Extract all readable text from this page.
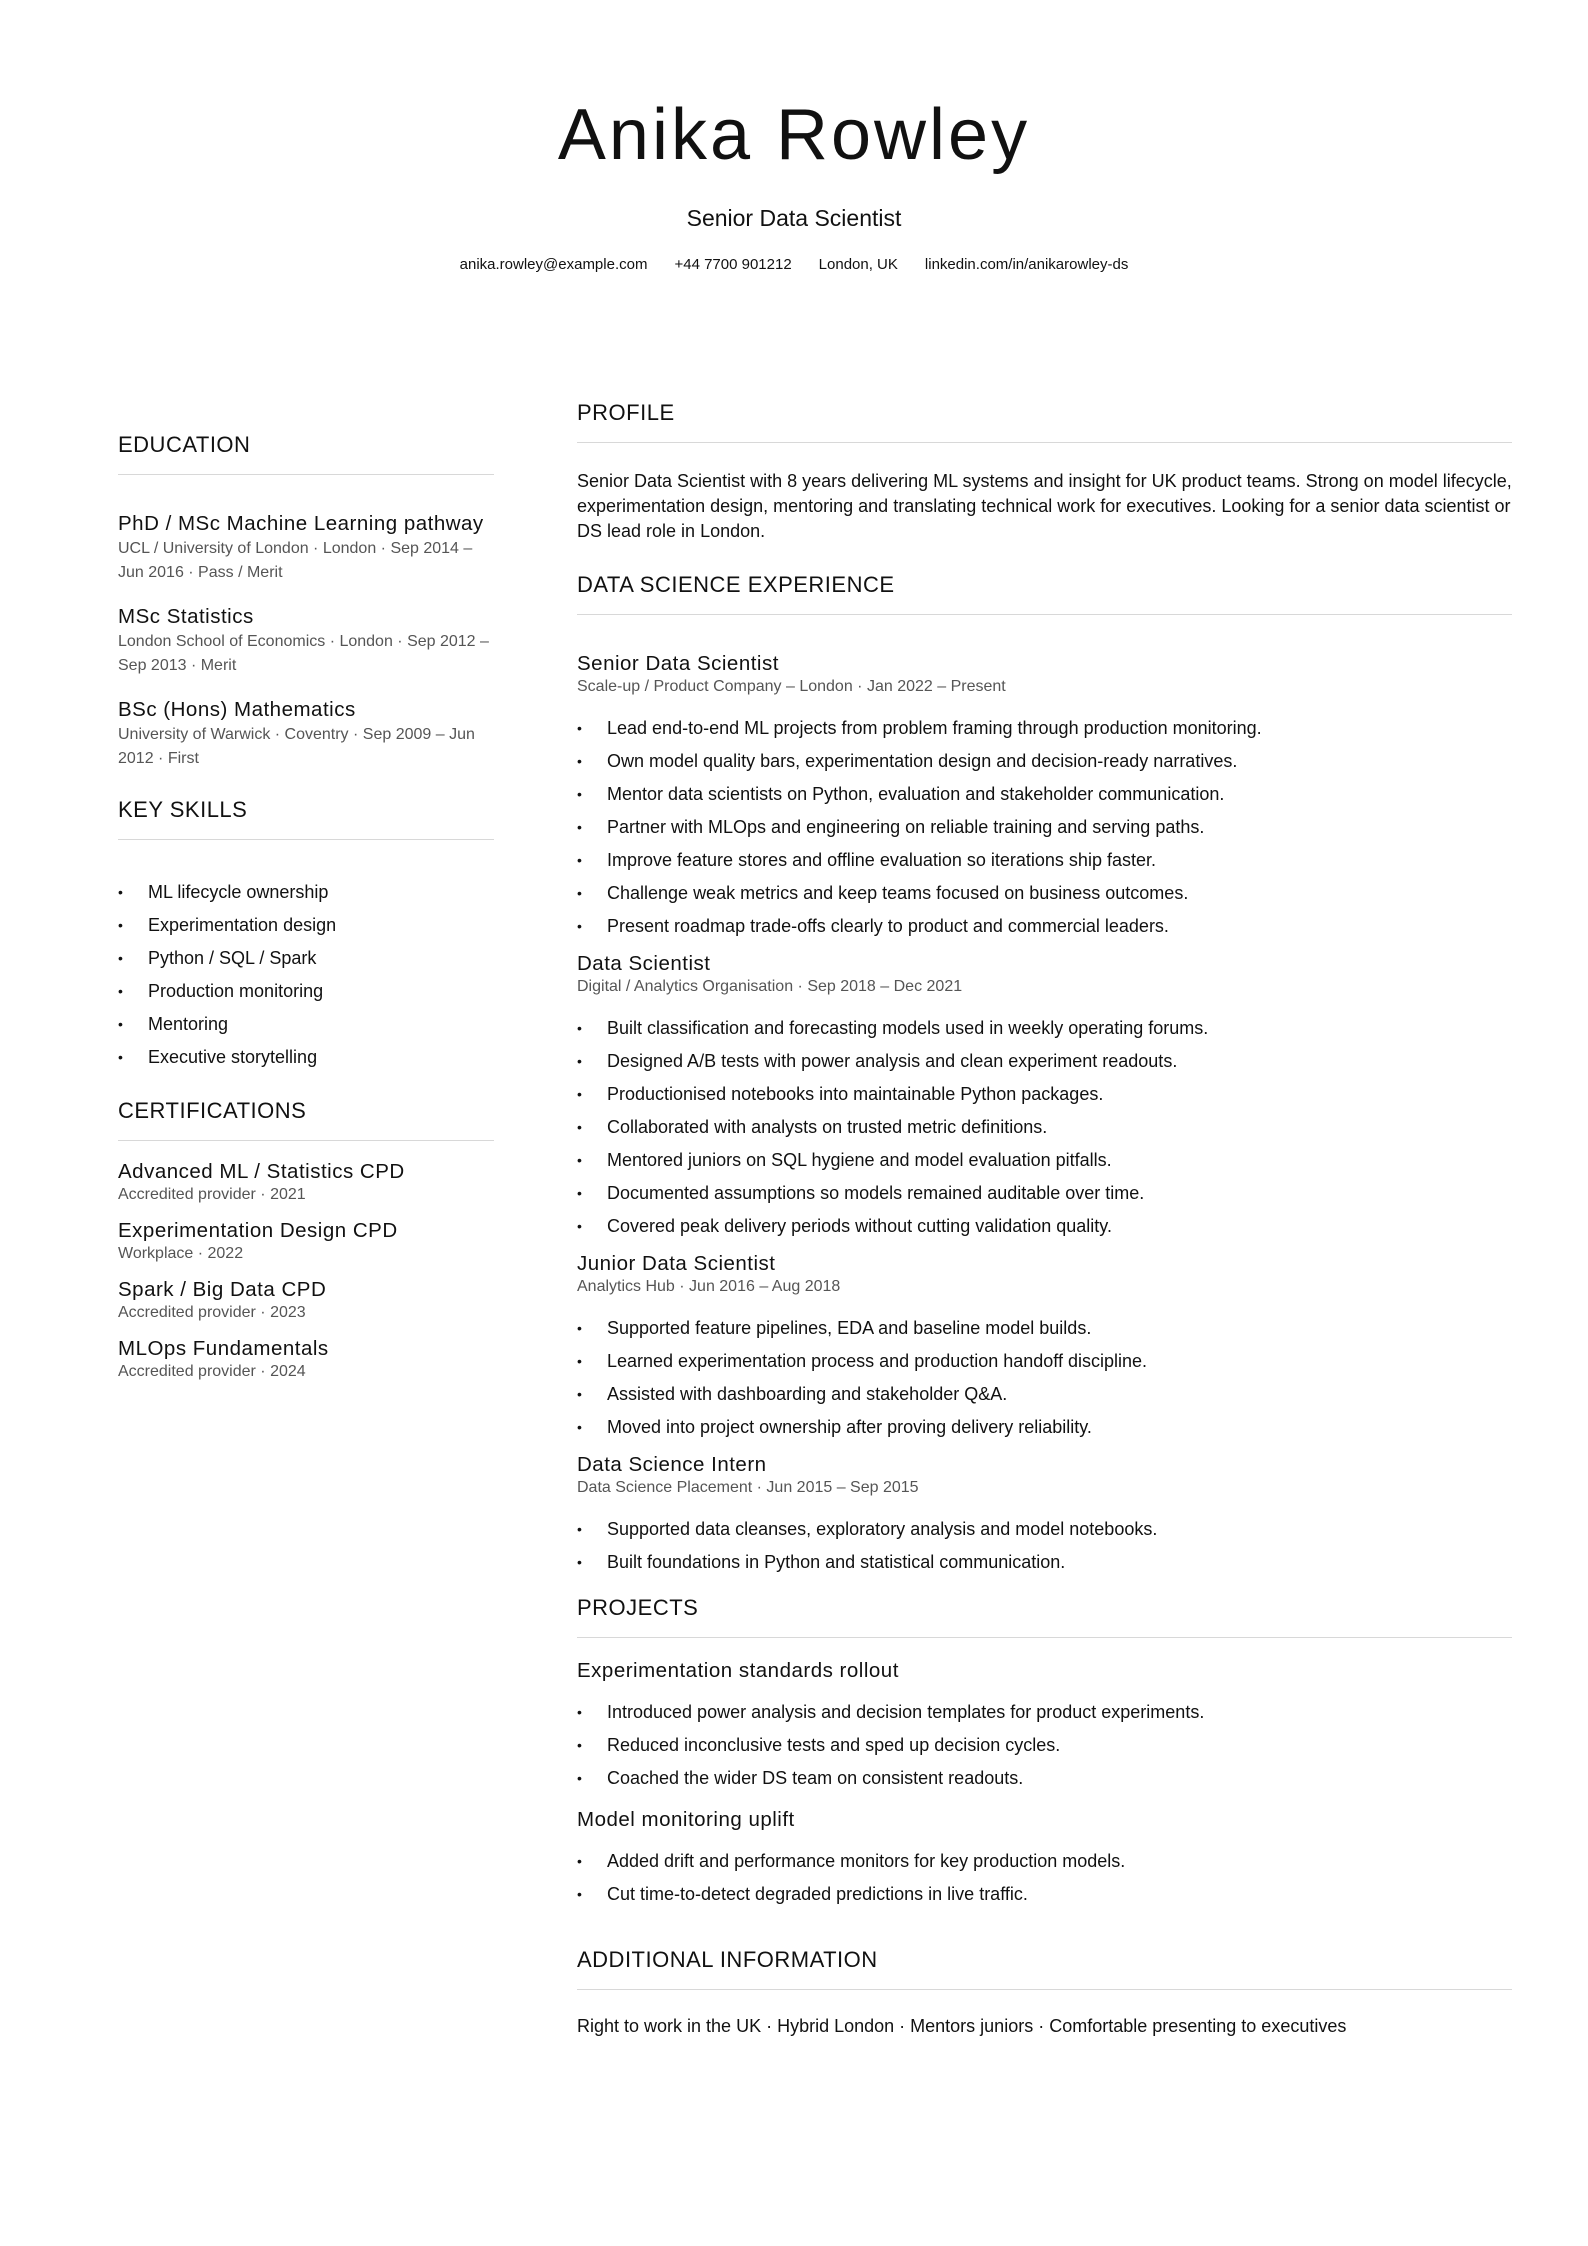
Anika Rowley
Senior Data Scientist
anika.rowley@example.com +44 7700 901212 London, UK linkedin.com/in/anikarowley-ds
EDUCATION
PhD / MSc Machine Learning pathway
UCL / University of London · London · Sep 2014 – Jun 2016 · Pass / Merit
MSc Statistics
London School of Economics · London · Sep 2012 – Sep 2013 · Merit
BSc (Hons) Mathematics
University of Warwick · Coventry · Sep 2009 – Jun 2012 · First
KEY SKILLS
• ML lifecycle ownership
• Experimentation design
• Python / SQL / Spark
• Production monitoring
• Mentoring
• Executive storytelling
CERTIFICATIONS
Advanced ML / Statistics CPD
Accredited provider · 2021
Experimentation Design CPD
Workplace · 2022
Spark / Big Data CPD
Accredited provider · 2023
MLOps Fundamentals
Accredited provider · 2024
PROFILE
Senior Data Scientist with 8 years delivering ML systems and insight for UK product teams. Strong on model lifecycle, experimentation design, mentoring and translating technical work for executives. Looking for a senior data scientist or DS lead role in London.
DATA SCIENCE EXPERIENCE
Senior Data Scientist
Scale-up / Product Company – London · Jan 2022 – Present
• Lead end-to-end ML projects from problem framing through production monitoring.
• Own model quality bars, experimentation design and decision-ready narratives.
• Mentor data scientists on Python, evaluation and stakeholder communication.
• Partner with MLOps and engineering on reliable training and serving paths.
• Improve feature stores and offline evaluation so iterations ship faster.
• Challenge weak metrics and keep teams focused on business outcomes.
• Present roadmap trade-offs clearly to product and commercial leaders.
Data Scientist
Digital / Analytics Organisation · Sep 2018 – Dec 2021
• Built classification and forecasting models used in weekly operating forums.
• Designed A/B tests with power analysis and clean experiment readouts.
• Productionised notebooks into maintainable Python packages.
• Collaborated with analysts on trusted metric definitions.
• Mentored juniors on SQL hygiene and model evaluation pitfalls.
• Documented assumptions so models remained auditable over time.
• Covered peak delivery periods without cutting validation quality.
Junior Data Scientist
Analytics Hub · Jun 2016 – Aug 2018
• Supported feature pipelines, EDA and baseline model builds.
• Learned experimentation process and production handoff discipline.
• Assisted with dashboarding and stakeholder Q&A.
• Moved into project ownership after proving delivery reliability.
Data Science Intern
Data Science Placement · Jun 2015 – Sep 2015
• Supported data cleanses, exploratory analysis and model notebooks.
• Built foundations in Python and statistical communication.
PROJECTS
Experimentation standards rollout
• Introduced power analysis and decision templates for product experiments.
• Reduced inconclusive tests and sped up decision cycles.
• Coached the wider DS team on consistent readouts.
Model monitoring uplift
• Added drift and performance monitors for key production models.
• Cut time-to-detect degraded predictions in live traffic.
ADDITIONAL INFORMATION
Right to work in the UK · Hybrid London · Mentors juniors · Comfortable presenting to executives
